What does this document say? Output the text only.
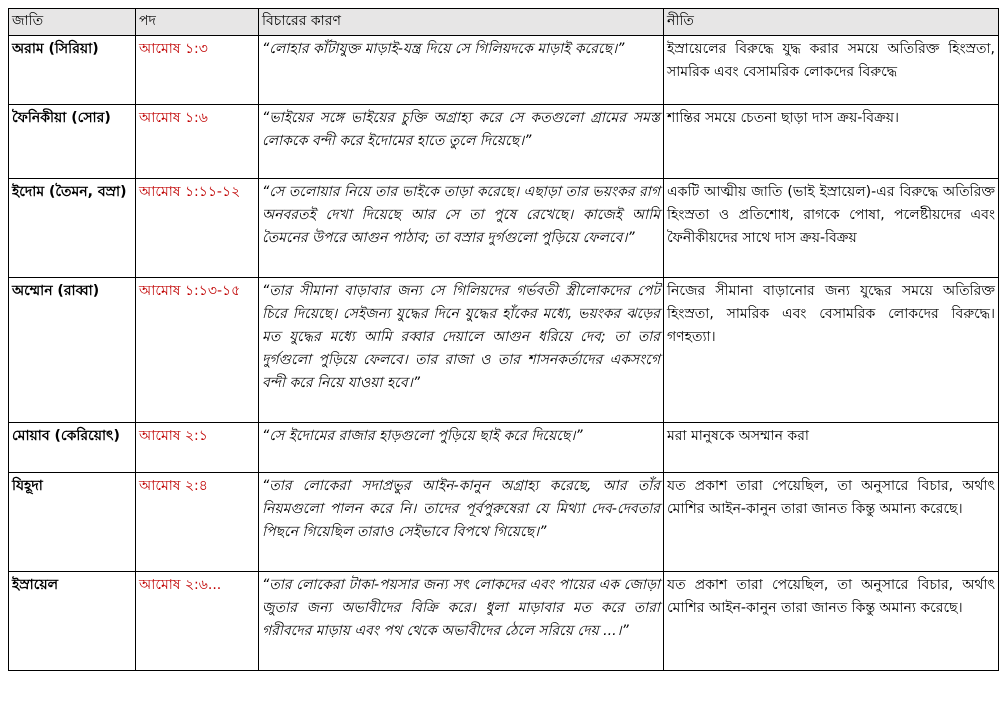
জাতি	পদ	বিচারের কারণ	নীতি
অরাম (সিরিয়া)	আমোষ ১:৩	“লোহার কাঁটাযুক্ত মাড়াই-যন্ত্র দিয়ে সে গিলিয়দকে মাড়াই করেছে।”	ইস্রায়েলের বিরুদ্ধে যুদ্ধ করার সময়ে অতিরিক্ত হিংস্রতা, সামরিক এবং বেসামরিক লোকদের বিরুদ্ধে
ফৈনিকীয়া (সোর)	আমোষ ১:৬	“ভাইয়ের সঙ্গে ভাইয়ের চুক্তি অগ্রাহ্য করে সে কতগুলো গ্রামের সমস্ত লোককে বন্দী করে ইদোমের হাতে তুলে দিয়েছে।”	শান্তির সময়ে চেতনা ছাড়া দাস ক্রয়-বিক্রয়।
ইদোম (তৈমন, বস্রা)	আমোষ ১:১১-১২	“সে তলোয়ার নিয়ে তার ভাইকে তাড়া করেছে। এছাড়া তার ভয়ংকর রাগ অনবরতই দেখা দিয়েছে আর সে তা পুষে রেখেছে। কাজেই আমি তৈমনের উপরে আগুন পাঠাব; তা বস্রার দুর্গগুলো পুড়িয়ে ফেলবে।”	একটি আত্মীয় জাতি (ভাই ইস্রায়েল)-এর বিরুদ্ধে অতিরিক্ত হিংস্রতা ও প্রতিশোধ, রাগকে পোষা, পলেষ্টীয়দের এবং ফৈনীকীয়দের সাথে দাস ক্রয়-বিক্রয়
অম্মোন (রাব্বা)	আমোষ ১:১৩-১৫	“তার সীমানা বাড়াবার জন্য সে গিলিয়দের গর্ভবতী স্ত্রীলোকদের পেট চিরে দিয়েছে। সেইজন্য যুদ্ধের দিনে যুদ্ধের হাঁকের মধ্যে, ভয়ংকর ঝড়ের মত যুদ্ধের মধ্যে আমি রব্বার দেয়ালে আগুন ধরিয়ে দেব; তা তার দুর্গগুলো পুড়িয়ে ফেলবে। তার রাজা ও তার শাসনকর্তাদের একসংগে বন্দী করে নিয়ে যাওয়া হবে।”	নিজের সীমানা বাড়ানোর জন্য যুদ্ধের সময়ে অতিরিক্ত হিংস্রতা, সামরিক এবং বেসামরিক লোকদের বিরুদ্ধে। গণহত্যা।
মোয়াব (কেরিয়োৎ)	আমোষ ২:১	“সে ইদোমের রাজার হাড়গুলো পুড়িয়ে ছাই করে দিয়েছে।”	মরা মানুষকে অসম্মান করা
যিহূদা	আমোষ ২:৪	“তার লোকেরা সদাপ্রভুর আইন-কানুন অগ্রাহ্য করেছে, আর তাঁর নিয়মগুলো পালন করে নি। তাদের পূর্বপুরুষেরা যে মিথ্যা দেব-দেবতার পিছনে গিয়েছিল তারাও সেইভাবে বিপথে গিয়েছে।”	যত প্রকাশ তারা পেয়েছিল, তা অনুসারে বিচার, অর্থাৎ মোশির আইন-কানুন তারা জানত কিন্তু অমান্য করেছে।
ইস্রায়েল	আমোষ ২:৬...	“তার লোকেরা টাকা-পয়সার জন্য সৎ লোকদের এবং পায়ের এক জোড়া জুতার জন্য অভাবীদের বিক্রি করে। ধুলা মাড়াবার মত করে তারা গরীবদের মাড়ায় এবং পথ থেকে অভাবীদের ঠেলে সরিয়ে দেয় ...।”	যত প্রকাশ তারা পেয়েছিল, তা অনুসারে বিচার, অর্থাৎ মোশির আইন-কানুন তারা জানত কিন্তু অমান্য করেছে।
